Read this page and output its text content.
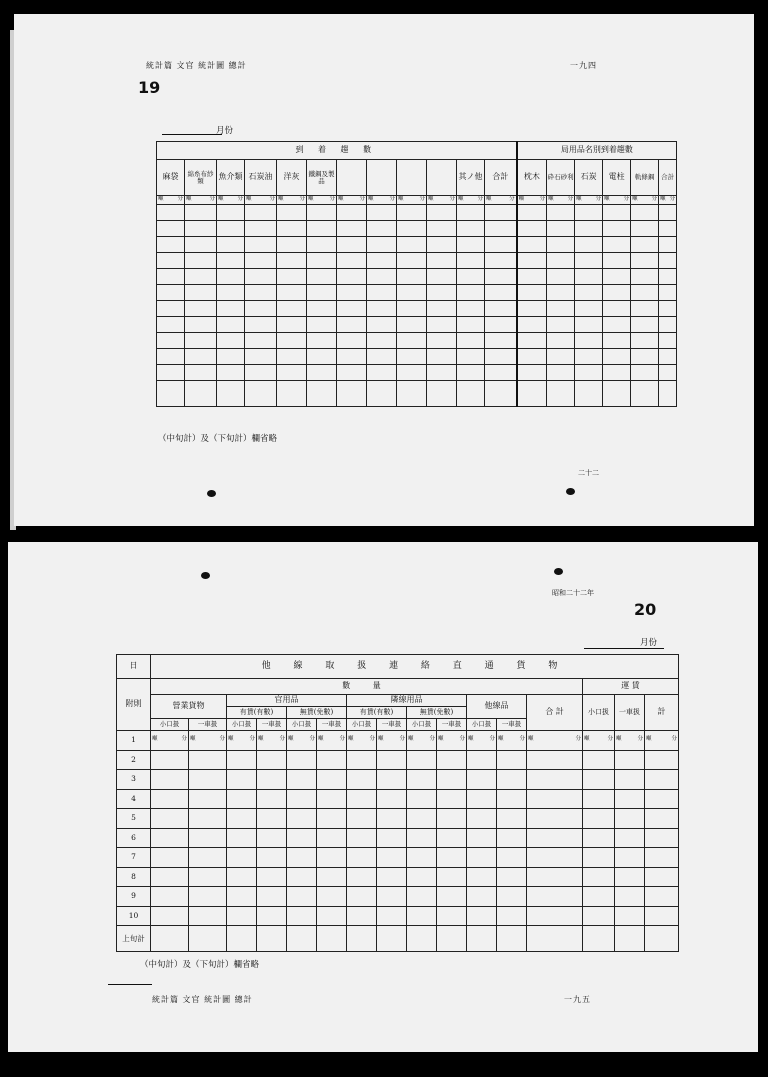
統計篇 文官 統計圖 總計	一九四
19
月份
到 着 趨 數												局用品名別到着趨數					
麻袋	綿糸布紗類	魚介類	石炭油	洋灰	鐵鋼及製品					其ノ他	合計	枕木	砕石砂利	石炭	電柱	軌條鋼	合計

噸 分	噸 分	噸 分	噸 分	噸 分	噸 分	噸 分	噸 分	噸 分	噸 分	噸 分	噸 分	噸 分	噸 分	噸 分	噸 分	噸 分	噸 分

（中旬計）及（下旬計）欄省略
二十二
昭和二十二年
20
月份
日	他 線 取 扱 連 絡 直 通 貨 物															
附則	數 量													運 賃		
	營業貨物		官用品				隣線用品				他線品		合 計	小口扱	一車扱	計
			有賃(有數)		無賃(免數)		有賃(有數)		無賃(免數)							
	小口扱	一車扱	小口扱	一車扱	小口扱	一車扱	小口扱	一車扱	小口扱	一車扱	小口扱	一車扱				
1	噸 分	噸 分	噸 分	噸 分	噸 分	噸 分	噸 分	噸 分	噸 分	噸 分	噸 分	噸 分	噸 分	噸 分	噸 分	噸 分

2																
3																
4																
5																
6																
7																
8																
9																
10																
上旬計																
（中旬計）及（下旬計）欄省略
統計篇 文官 統計圖 總計	一九五
